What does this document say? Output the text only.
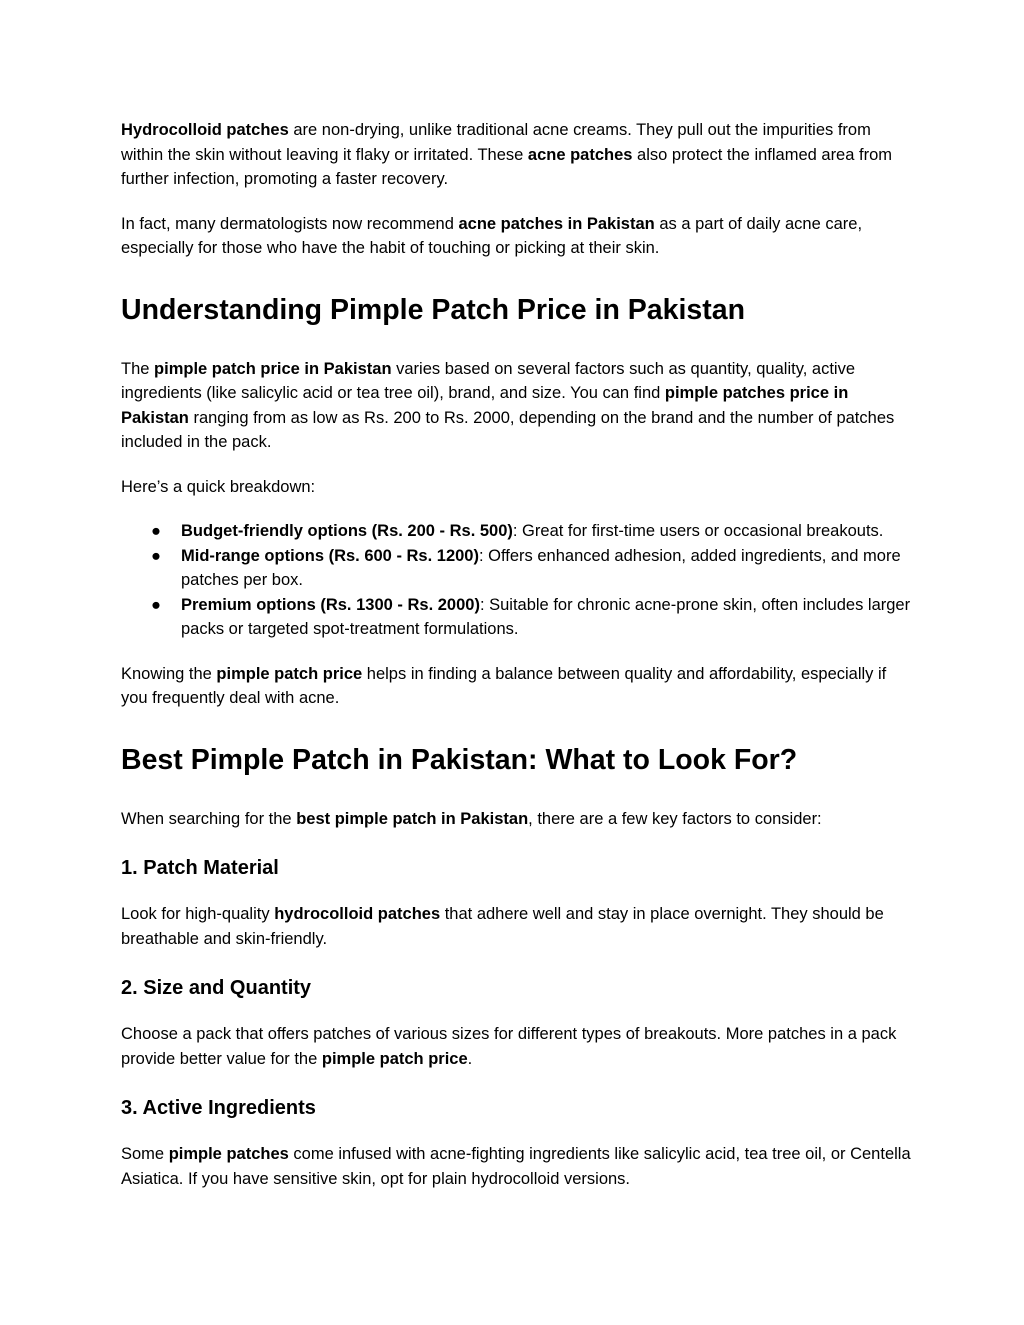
Hydrocolloid patches are non-drying, unlike traditional acne creams. They pull out the impurities from within the skin without leaving it flaky or irritated. These acne patches also protect the inflamed area from further infection, promoting a faster recovery.

In fact, many dermatologists now recommend acne patches in Pakistan as a part of daily acne care, especially for those who have the habit of touching or picking at their skin.

Understanding Pimple Patch Price in Pakistan

The pimple patch price in Pakistan varies based on several factors such as quantity, quality, active ingredients (like salicylic acid or tea tree oil), brand, and size. You can find pimple patches price in Pakistan ranging from as low as Rs. 200 to Rs. 2000, depending on the brand and the number of patches included in the pack.

Here’s a quick breakdown:

● Budget-friendly options (Rs. 200 - Rs. 500): Great for first-time users or occasional breakouts.
● Mid-range options (Rs. 600 - Rs. 1200): Offers enhanced adhesion, added ingredients, and more patches per box.
● Premium options (Rs. 1300 - Rs. 2000): Suitable for chronic acne-prone skin, often includes larger packs or targeted spot-treatment formulations.

Knowing the pimple patch price helps in finding a balance between quality and affordability, especially if you frequently deal with acne.

Best Pimple Patch in Pakistan: What to Look For?

When searching for the best pimple patch in Pakistan, there are a few key factors to consider:

1. Patch Material

Look for high-quality hydrocolloid patches that adhere well and stay in place overnight. They should be breathable and skin-friendly.

2. Size and Quantity

Choose a pack that offers patches of various sizes for different types of breakouts. More patches in a pack provide better value for the pimple patch price.

3. Active Ingredients

Some pimple patches come infused with acne-fighting ingredients like salicylic acid, tea tree oil, or Centella Asiatica. If you have sensitive skin, opt for plain hydrocolloid versions.
